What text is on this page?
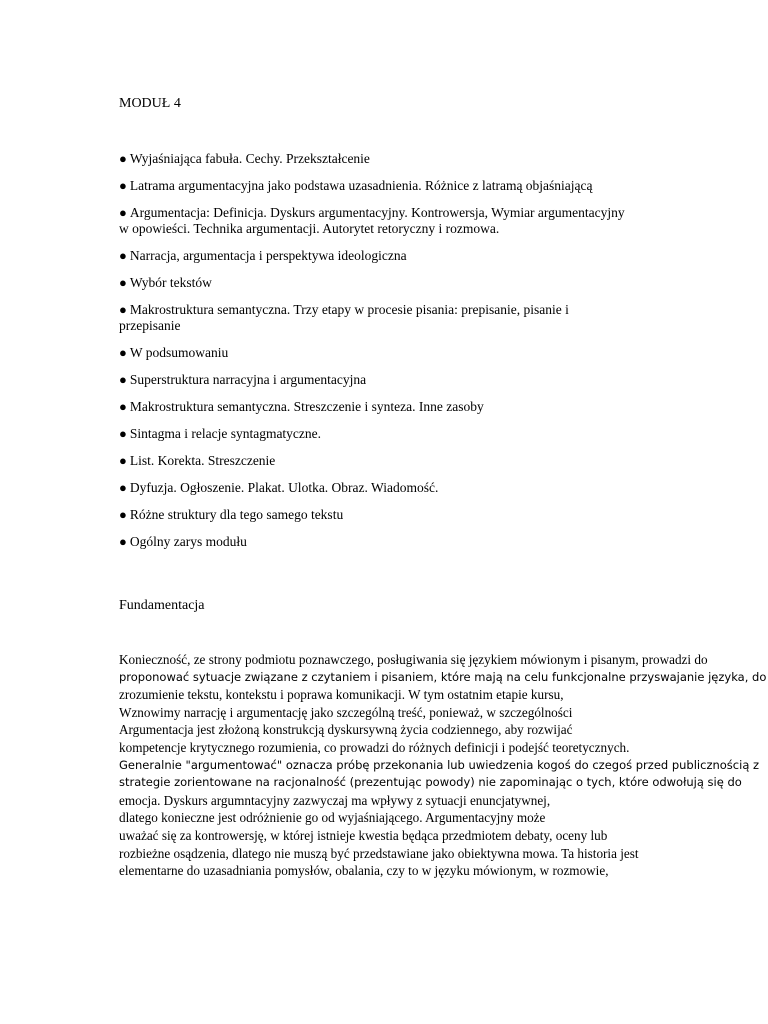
MODUŁ 4
● Wyjaśniająca fabuła. Cechy. Przekształcenie
● Latrama argumentacyjna jako podstawa uzasadnienia. Różnice z latramą objaśniającą
● Argumentacja: Definicja. Dyskurs argumentacyjny. Kontrowersja, Wymiar argumentacyjny
w opowieści. Technika argumentacji. Autorytet retoryczny i rozmowa.
● Narracja, argumentacja i perspektywa ideologiczna
● Wybór tekstów
● Makrostruktura semantyczna. Trzy etapy w procesie pisania: prepisanie, pisanie i
przepisanie
● W podsumowaniu
● Superstruktura narracyjna i argumentacyjna
● Makrostruktura semantyczna. Streszczenie i synteza. Inne zasoby
● Sintagma i relacje syntagmatyczne.
● List. Korekta. Streszczenie
● Dyfuzja. Ogłoszenie. Plakat. Ulotka. Obraz. Wiadomość.
● Różne struktury dla tego samego tekstu
● Ogólny zarys modułu
Fundamentacja
Konieczność, ze strony podmiotu poznawczego, posługiwania się językiem mówionym i pisanym, prowadzi do
proponować sytuacje związane z czytaniem i pisaniem, które mają na celu funkcjonalne przyswajanie języka, do
zrozumienie tekstu, kontekstu i poprawa komunikacji. W tym ostatnim etapie kursu,
Wznowimy narrację i argumentację jako szczególną treść, ponieważ, w szczególności
Argumentacja jest złożoną konstrukcją dyskursywną życia codziennego, aby rozwijać
kompetencje krytycznego rozumienia, co prowadzi do różnych definicji i podejść teoretycznych.
Generalnie "argumentować" oznacza próbę przekonania lub uwiedzenia kogoś do czegoś przed publicznością z
strategie zorientowane na racjonalność (prezentując powody) nie zapominając o tych, które odwołują się do
emocja. Dyskurs argumntacyjny zazwyczaj ma wpływy z sytuacji enuncjatywnej,
dlatego konieczne jest odróżnienie go od wyjaśniającego. Argumentacyjny może
uważać się za kontrowersję, w której istnieje kwestia będąca przedmiotem debaty, oceny lub
rozbieżne osądzenia, dlatego nie muszą być przedstawiane jako obiektywna mowa. Ta historia jest
elementarne do uzasadniania pomysłów, obalania, czy to w języku mówionym, w rozmowie,
